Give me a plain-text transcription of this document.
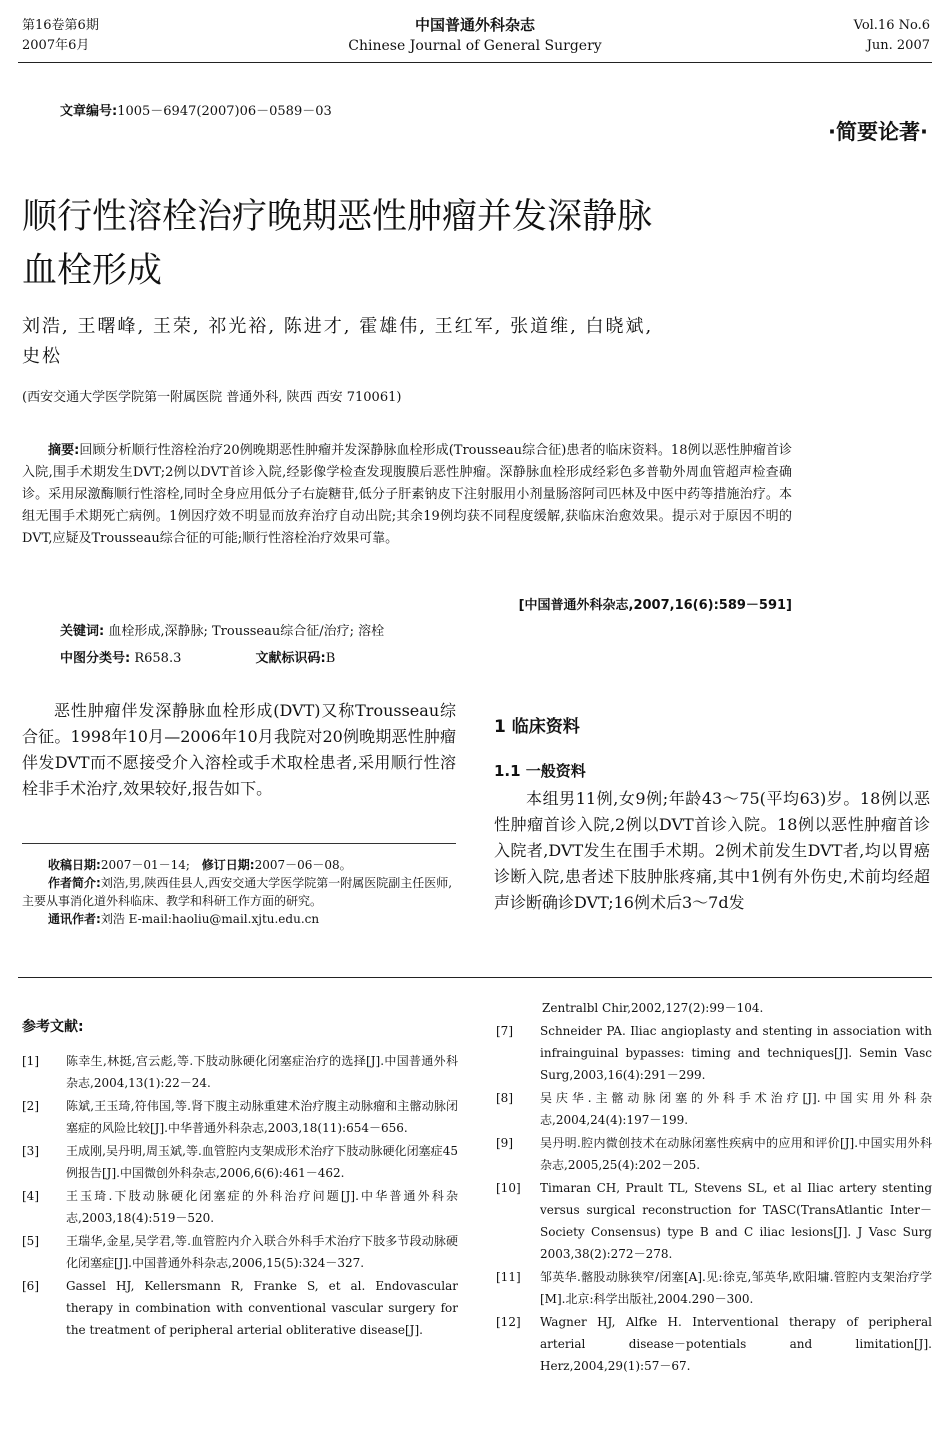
第16卷第6期
2007年6月
中国普通外科杂志
Chinese Journal of General Surgery
Vol.16 No.6
Jun. 2007
文章编号:1005－6947(2007)06－0589－03
·简要论著·
顺行性溶栓治疗晚期恶性肿瘤并发深静脉
血栓形成
刘浩, 王曙峰, 王荣, 祁光裕, 陈进才, 霍雄伟, 王红军, 张道维, 白晓斌,
史松
(西安交通大学医学院第一附属医院 普通外科, 陕西 西安 710061)

摘要:回顾分析顺行性溶栓治疗20例晚期恶性肿瘤并发深静脉血栓形成(Trousseau综合征)患者的临床资料。18例以恶性肿瘤首诊入院,围手术期发生DVT;2例以DVT首诊入院,经影像学检查发现腹膜后恶性肿瘤。深静脉血栓形成经彩色多普勒外周血管超声检查确诊。采用尿激酶顺行性溶栓,同时全身应用低分子右旋糖苷,低分子肝素钠皮下注射服用小剂量肠溶阿司匹林及中医中药等措施治疗。本组无围手术期死亡病例。1例因疗效不明显而放弃治疗自动出院;其余19例均获不同程度缓解,获临床治愈效果。提示对于原因不明的DVT,应疑及Trousseau综合征的可能;顺行性溶栓治疗效果可靠。

[中国普通外科杂志,2007,16(6):589－591]
关键词: 血栓形成,深静脉; Trousseau综合征/治疗; 溶栓
中图分类号: R658.3	文献标识码:B

恶性肿瘤伴发深静脉血栓形成(DVT)又称Trousseau综合征。1998年10月—2006年10月我院对20例晚期恶性肿瘤伴发DVT而不愿接受介入溶栓或手术取栓患者,采用顺行性溶栓非手术治疗,效果较好,报告如下。

收稿日期:2007－01－14; 修订日期:2007－06－08。
作者简介:刘浩,男,陕西佳县人,西安交通大学医学院第一附属医院副主任医师,主要从事消化道外科临床、教学和科研工作方面的研究。
通讯作者:刘浩 E-mail:haoliu@mail.xjtu.edu.cn
1 临床资料
1.1 一般资料

本组男11例,女9例;年龄43～75(平均63)岁。18例以恶性肿瘤首诊入院,2例以DVT首诊入院。18例以恶性肿瘤首诊入院者,DVT发生在围手术期。2例术前发生DVT者,均以胃癌诊断入院,患者述下肢肿胀疼痛,其中1例有外伤史,术前均经超声诊断确诊DVT;16例术后3～7d发

参考文献:
[1]	陈幸生,林挺,宫云彪,等.下肢动脉硬化闭塞症治疗的选择[J].中国普通外科杂志,2004,13(1):22－24.
[2]	陈斌,王玉琦,符伟国,等.肾下腹主动脉重建术治疗腹主动脉瘤和主髂动脉闭塞症的风险比较[J].中华普通外科杂志,2003,18(11):654－656.
[3]	王成刚,吴丹明,周玉斌,等.血管腔内支架成形术治疗下肢动脉硬化闭塞症45例报告[J].中国微创外科杂志,2006,6(6):461－462.
[4]	王玉琦.下肢动脉硬化闭塞症的外科治疗问题[J].中华普通外科杂志,2003,18(4):519－520.
[5]	王瑞华,金星,吴学君,等.血管腔内介入联合外科手术治疗下肢多节段动脉硬化闭塞症[J].中国普通外科杂志,2006,15(5):324－327.
[6]	Gassel HJ, Kellersmann R, Franke S, et al. Endovascular therapy in combination with conventional vascular surgery for the treatment of peripheral arterial obliterative disease[J].
Zentralbl Chir,2002,127(2):99－104.
[7]	Schneider PA. Iliac angioplasty and stenting in association with infrainguinal bypasses: timing and techniques[J]. Semin Vasc Surg,2003,16(4):291－299.
[8]	吴庆华.主髂动脉闭塞的外科手术治疗[J].中国实用外科杂志,2004,24(4):197－199.
[9]	吴丹明.腔内微创技术在动脉闭塞性疾病中的应用和评价[J].中国实用外科杂志,2005,25(4):202－205.
[10]	Timaran CH, Prault TL, Stevens SL, et al Iliac artery stenting versus surgical reconstruction for TASC(TransAtlantic Inter－Society Consensus) type B and C iliac lesions[J]. J Vasc Surg 2003,38(2):272－278.
[11]	邹英华.髂股动脉狭窄/闭塞[A].见:徐克,邹英华,欧阳墉.管腔内支架治疗学[M].北京:科学出版社,2004.290－300.
[12]	Wagner HJ, Alfke H. Interventional therapy of peripheral arterial disease－potentials and limitation[J]. Herz,2004,29(1):57－67.
